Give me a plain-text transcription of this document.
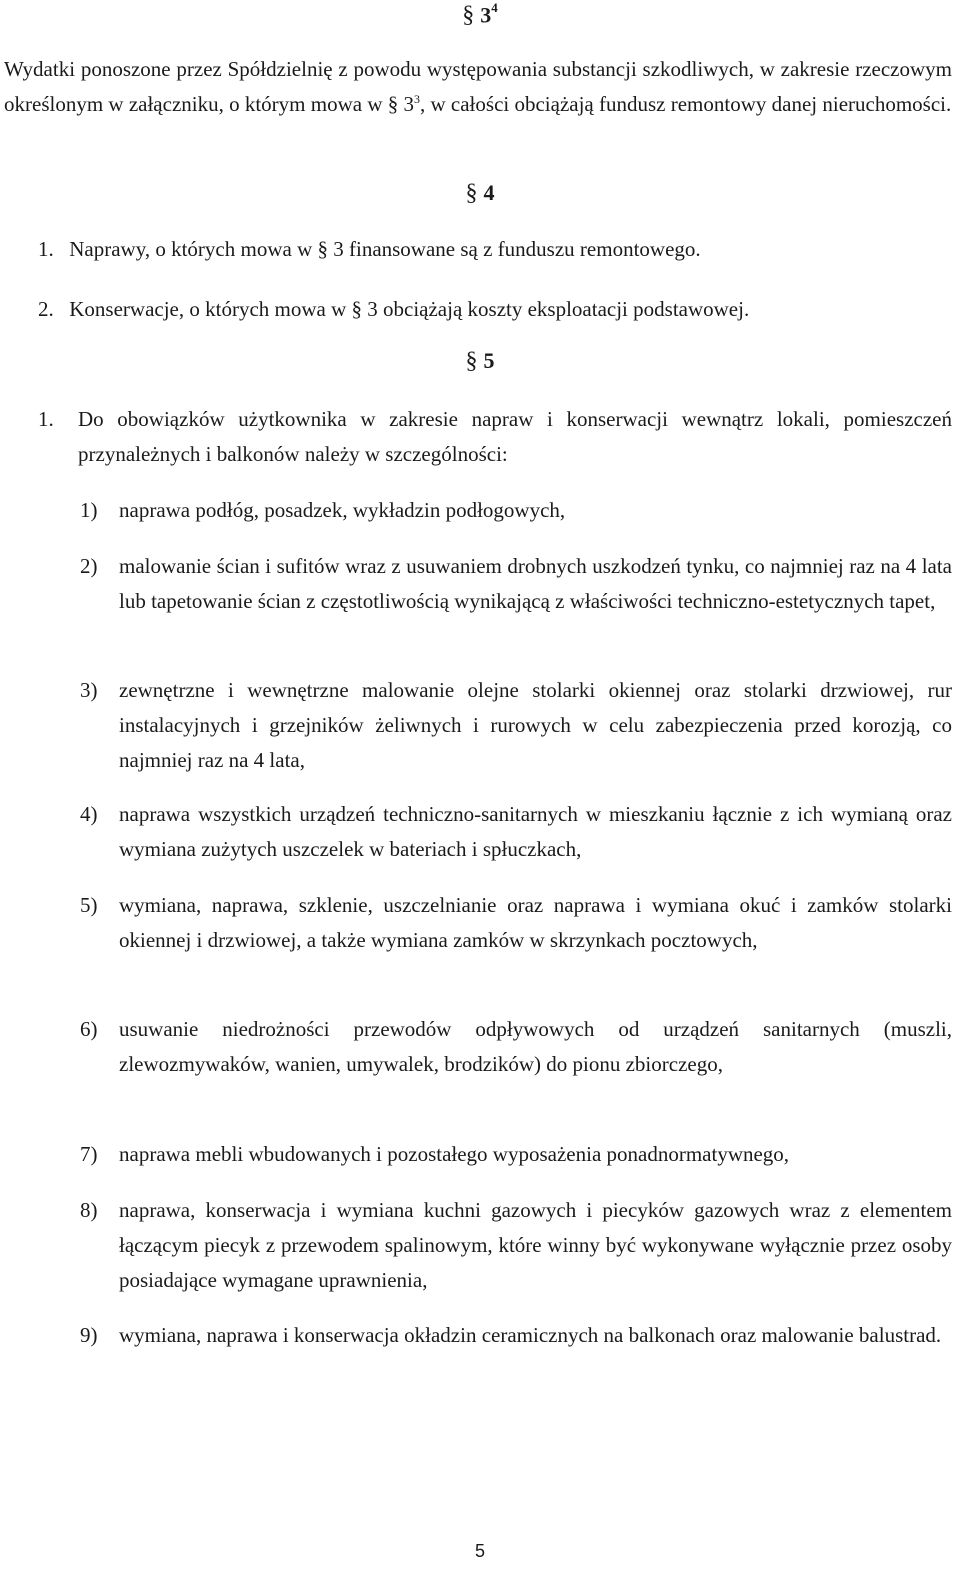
§ $3^4$

Wydatki ponoszone przez Spółdzielnię z powodu występowania substancji szkodliwych, w zakresie rzeczowym określonym w załączniku, o którym mowa w § $3^3$, w całości obciążają fundusz remontowy danej nieruchomości.

§ 4
1. Naprawy, o których mowa w § 3 finansowane są z funduszu remontowego.
2. Konserwacje, o których mowa w § 3 obciążają koszty eksploatacji podstawowej.
§ 5
1. Do obowiązków użytkownika w zakresie napraw i konserwacji wewnątrz lokali, pomieszczeń przynależnych i balkonów należy w szczególności:
1) naprawa podłóg, posadzek, wykładzin podłogowych,
2) malowanie ścian i sufitów wraz z usuwaniem drobnych uszkodzeń tynku, co najmniej raz na 4 lata lub tapetowanie ścian z częstotliwością wynikającą z właściwości techniczno-estetycznych tapet,
3) zewnętrzne i wewnętrzne malowanie olejne stolarki okiennej oraz stolarki drzwiowej, rur instalacyjnych i grzejników żeliwnych i rurowych w celu zabezpieczenia przed korozją, co najmniej raz na 4 lata,
4) naprawa wszystkich urządzeń techniczno-sanitarnych w mieszkaniu łącznie z ich wymianą oraz wymiana zużytych uszczelek w bateriach i spłuczkach,
5) wymiana, naprawa, szklenie, uszczelnianie oraz naprawa i wymiana okuć i zamków stolarki okiennej i drzwiowej, a także wymiana zamków w skrzynkach pocztowych,
6) usuwanie niedrożności przewodów odpływowych od urządzeń sanitarnych (muszli, zlewozmywaków, wanien, umywalek, brodzików) do pionu zbiorczego,
7) naprawa mebli wbudowanych i pozostałego wyposażenia ponadnormatywnego,
8) naprawa, konserwacja i wymiana kuchni gazowych i piecyków gazowych wraz z elementem łączącym piecyk z przewodem spalinowym, które winny być wykonywane wyłącznie przez osoby posiadające wymagane uprawnienia,
9) wymiana, naprawa i konserwacja okładzin ceramicznych na balkonach oraz malowanie balustrad.
5
